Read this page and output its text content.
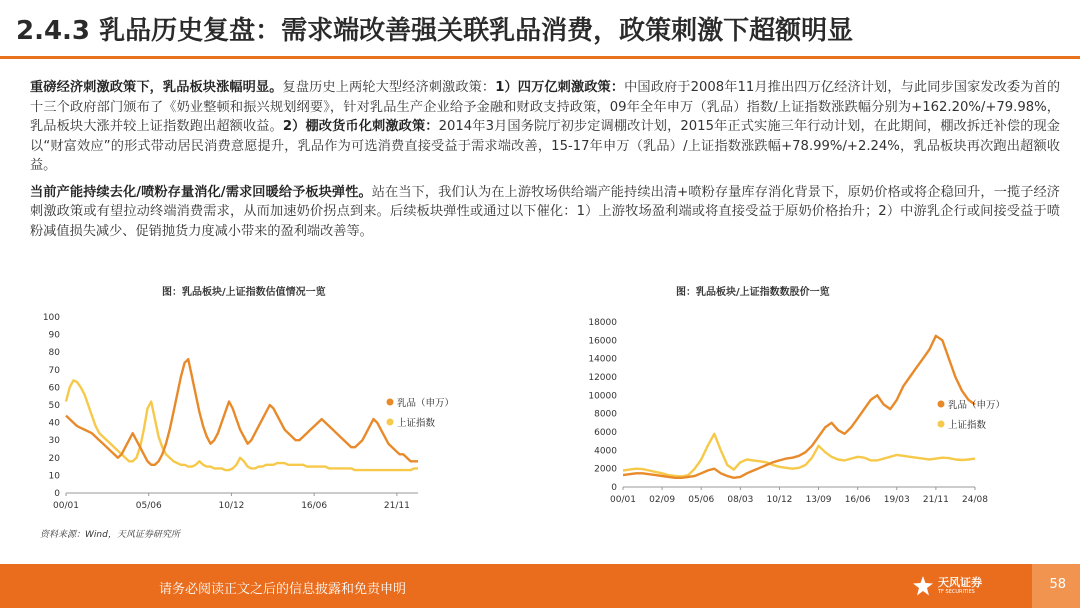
2.4.3 乳品历史复盘：需求端改善强关联乳品消费，政策刺激下超额明显

重磅经济刺激政策下，乳品板块涨幅明显。复盘历史上两轮大型经济刺激政策：1）四万亿刺激政策：中国政府于2008年11月推出四万亿经济计划，与此同步国家发改委为首的十三个政府部门颁布了《奶业整顿和振兴规划纲要》，针对乳品生产企业给予金融和财政支持政策，09年全年申万（乳品）指数/上证指数涨跌幅分别为+162.20%/+79.98%，乳品板块大涨并较上证指数跑出超额收益。2）棚改货币化刺激政策：2014年3月国务院厅初步定调棚改计划，2015年正式实施三年行动计划，在此期间，棚改拆迁补偿的现金以“财富效应”的形式带动居民消费意愿提升，乳品作为可选消费直接受益于需求端改善，15-17年申万（乳品）/上证指数涨跌幅+78.99%/+2.24%，乳品板块再次跑出超额收益。

当前产能持续去化/喷粉存量消化/需求回暖给予板块弹性。站在当下，我们认为在上游牧场供给端产能持续出清+喷粉存量库存消化背景下，原奶价格或将企稳回升，一揽子经济刺激政策或有望拉动终端消费需求，从而加速奶价拐点到来。后续板块弹性或通过以下催化：1）上游牧场盈利端或将直接受益于原奶价格抬升；2）中游乳企行或间接受益于喷粉减值损失减少、促销抛货力度减小带来的盈利端改善等。

图：乳品板块/上证指数估值情况一览	图：乳品板块/上证指数数股价一览
0
10
20
30
40
50
60
70
80
90
100
00/01	05/06	10/12	16/06	21/11
乳品（申万）
上证指数
0
2000
4000
6000
8000
10000
12000
14000
16000
18000
00/01 02/09 05/06 08/03 10/12 13/09 16/06 19/03 21/11 24/08
乳品（申万）
上证指数
资料来源：Wind，天风证券研究所
请务必阅读正文之后的信息披露和免责申明	天风证券
TF SECURITIES	58
